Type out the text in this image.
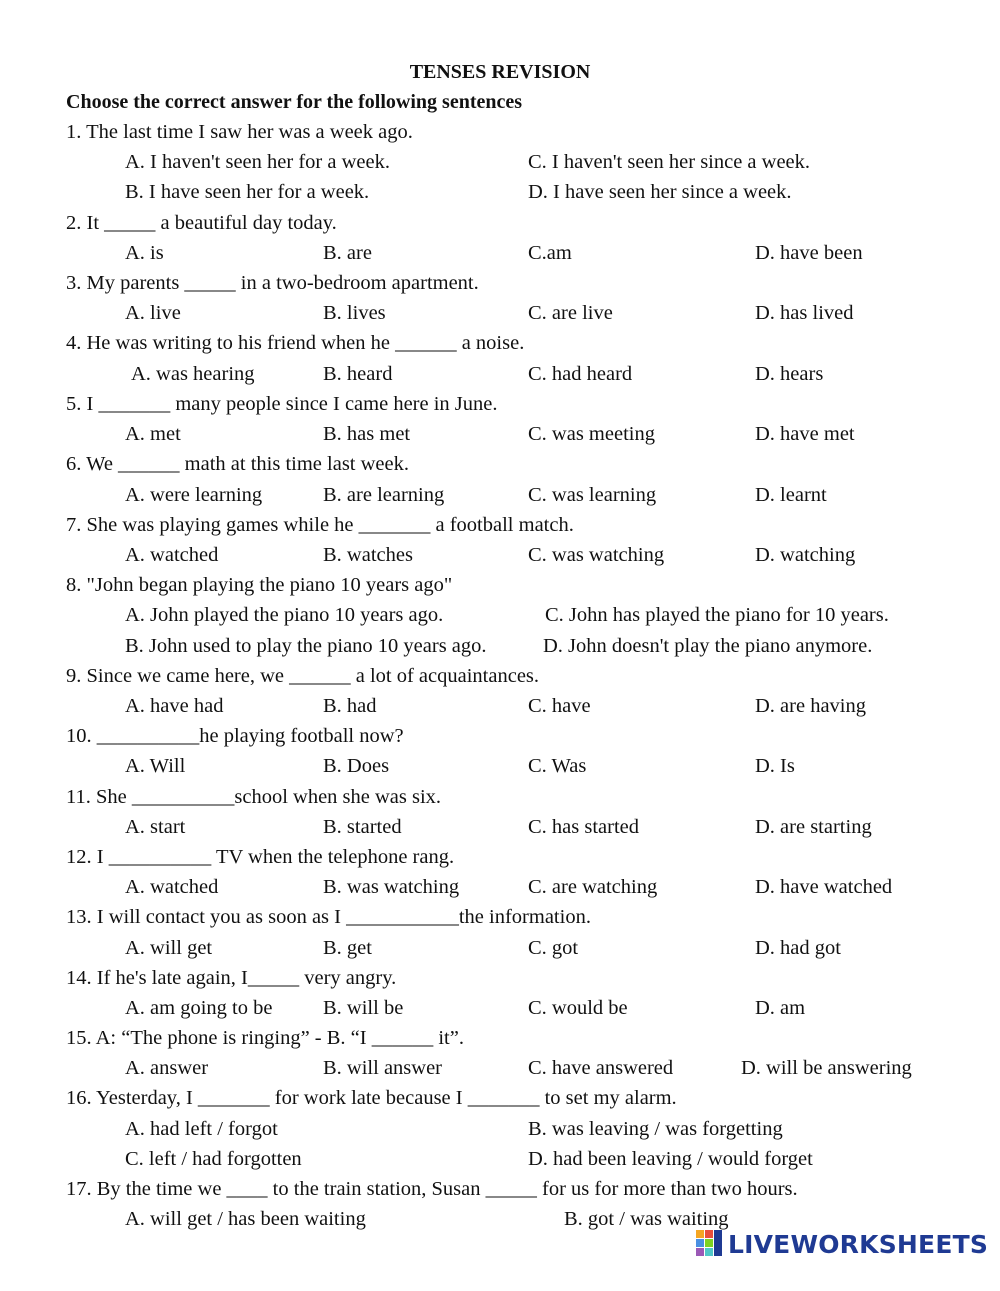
TENSES REVISION
Choose the correct answer for the following sentences
1. The last time I saw her was a week ago.
A. I haven't seen her for a week.	C. I haven't seen her since a week.
B. I have seen her for a week.	D. I have seen her since a week.
2. It _____ a beautiful day today.
A. is	B. are	C.am	D. have been
3. My parents _____ in a two-bedroom apartment.
A. live	B. lives	C. are live	D. has lived
4. He was writing to his friend when he ______ a noise.
A. was hearing	B. heard	C. had heard	D. hears
5. I _______ many people since I came here in June.
A. met	B. has met	C. was meeting	D. have met
6. We ______ math at this time last week.
A. were learning	B. are learning	C. was learning	D. learnt
7. She was playing games while he _______ a football match.
A. watched	B. watches	C. was watching	D. watching
8. "John began playing the piano 10 years ago"
A. John played the piano 10 years ago.	C. John has played the piano for 10 years.
B. John used to play the piano 10 years ago.	D. John doesn't play the piano anymore.
9. Since we came here, we ______ a lot of acquaintances.
A. have had	B. had	C. have	D. are having
10. __________he playing football now?
A. Will	B. Does	C. Was	D. Is
11. She __________school when she was six.
A. start	B. started	C. has started	D. are starting
12. I __________ TV when the telephone rang.
A. watched	B. was watching	C. are watching	D. have watched
13. I will contact you as soon as I ___________the information.
A. will get	B. get	C. got	D. had got
14. If he's late again, I_____ very angry.
A. am going to be B. will be	C. would be	D. am
15. A: “The phone is ringing” - B. “I ______ it”.
A. answer	B. will answer	C. have answered	D. will be answering
16. Yesterday, I _______ for work late because I _______ to set my alarm.
A. had left / forgot	B. was leaving / was forgetting
C. left / had forgotten	D. had been leaving / would forget
17. By the time we ____ to the train station, Susan _____ for us for more than two hours.
A. will get / has been waiting	B. got / was waiting
LIVEWORKSHEETS
